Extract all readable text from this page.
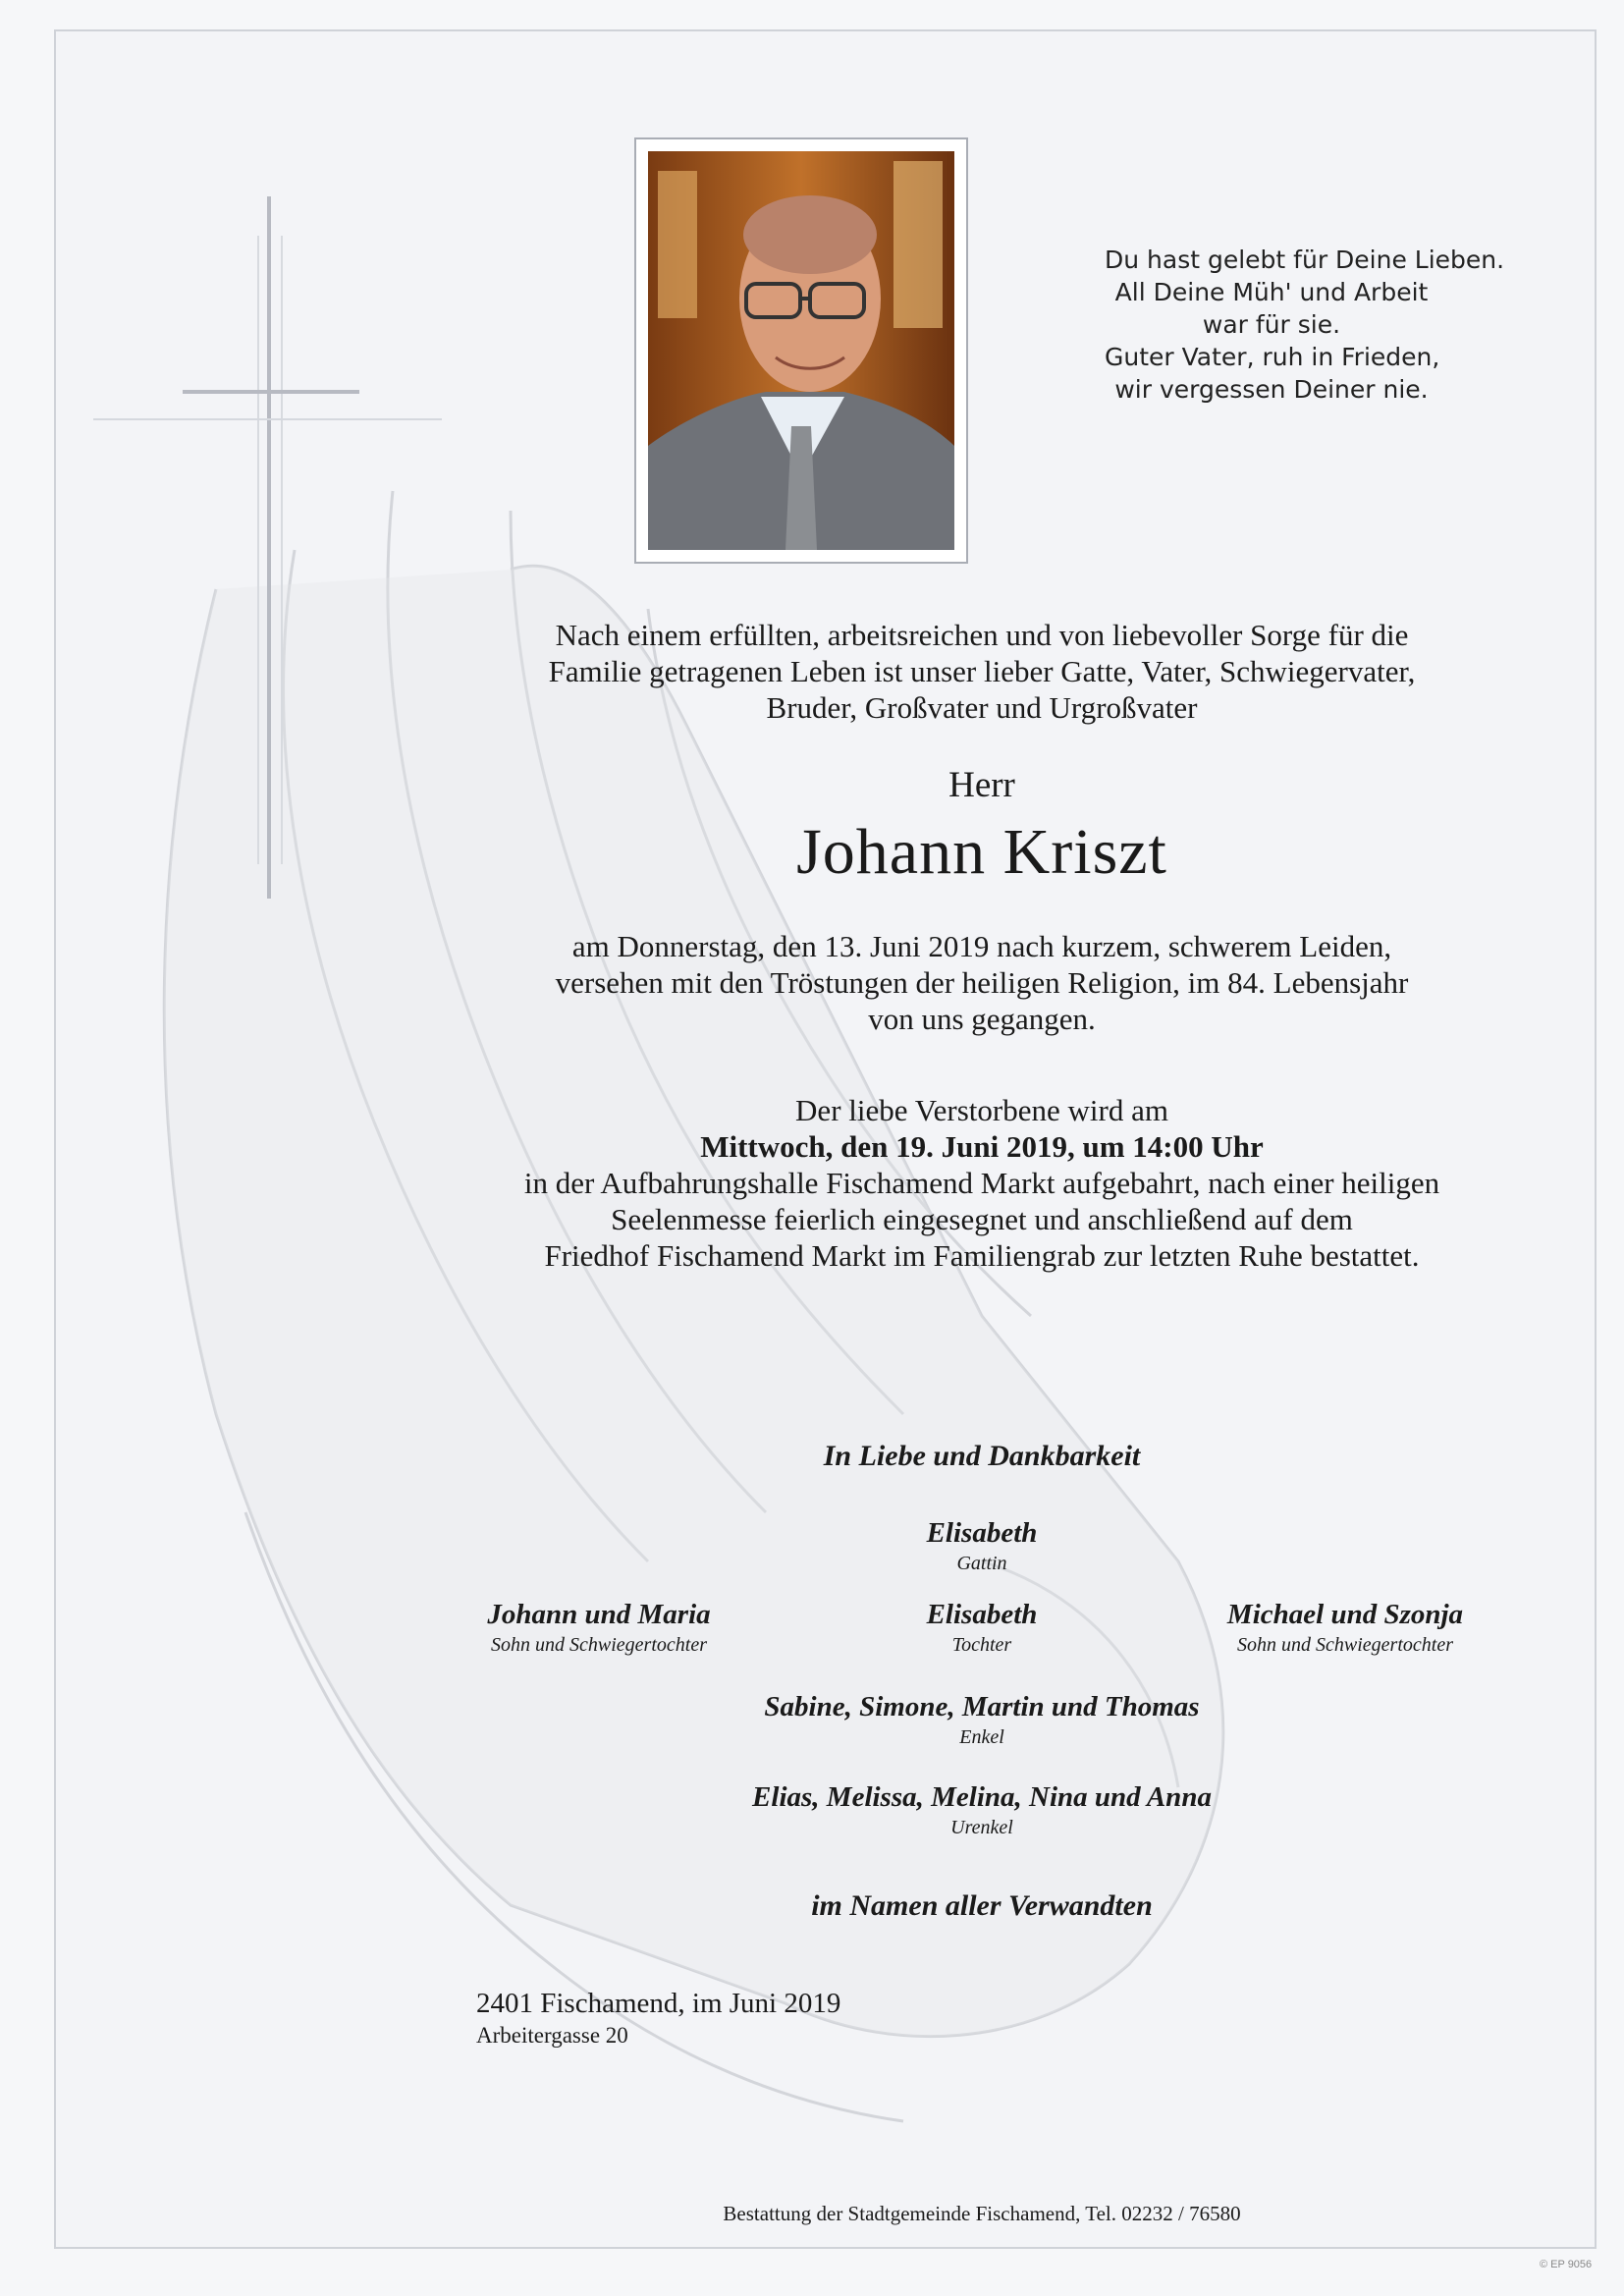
Du hast gelebt für Deine Lieben.
All Deine Müh' und Arbeit
war für sie.
Guter Vater, ruh in Frieden,
wir vergessen Deiner nie.
Nach einem erfüllten, arbeitsreichen und von liebevoller Sorge für die
Familie getragenen Leben ist unser lieber Gatte, Vater, Schwiegervater,
Bruder, Großvater und Urgroßvater
Herr
Johann Kriszt
am Donnerstag, den 13. Juni 2019 nach kurzem, schwerem Leiden,
versehen mit den Tröstungen der heiligen Religion, im 84. Lebensjahr
von uns gegangen.
Der liebe Verstorbene wird am
Mittwoch, den 19. Juni 2019, um 14:00 Uhr
in der Aufbahrungshalle Fischamend Markt aufgebahrt, nach einer heiligen
Seelenmesse feierlich eingesegnet und anschließend auf dem
Friedhof Fischamend Markt im Familiengrab zur letzten Ruhe bestattet.
In Liebe und Dankbarkeit
Elisabeth
Gattin
Johann und Maria
Sohn und Schwiegertochter
Elisabeth
Tochter
Michael und Szonja
Sohn und Schwiegertochter
Sabine, Simone, Martin und Thomas
Enkel
Elias, Melissa, Melina, Nina und Anna
Urenkel
im Namen aller Verwandten
2401 Fischamend, im Juni 2019
Arbeitergasse 20
Bestattung der Stadtgemeinde Fischamend, Tel. 02232 / 76580
© EP 9056
